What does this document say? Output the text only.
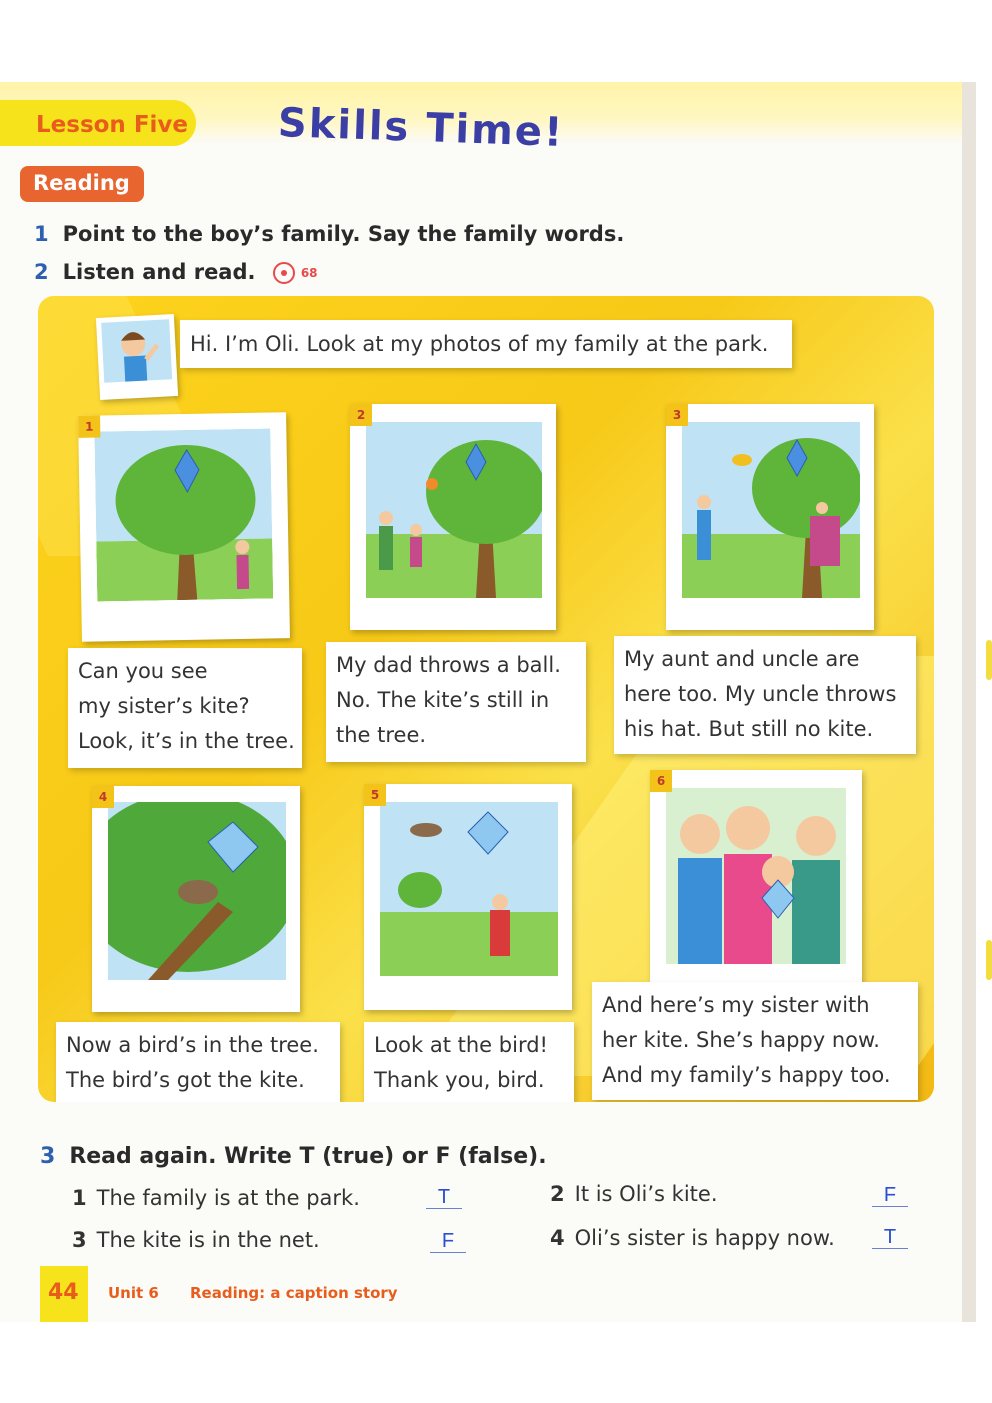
Lesson Five Skills Time!
Reading
1 Point to the boy’s family. Say the family words.
2 Listen and read.	68
Hi. I’m Oli. Look at my photos of my family at the park.
1
Can you see
my sister’s kite?
Look, it’s in the tree.
2
My dad throws a ball.
No. The kite’s still in
the tree.
3
My aunt and uncle are
here too. My uncle throws
his hat. But still no kite.
4
Now a bird’s in the tree.
The bird’s got the kite.
5
Look at the bird!
Thank you, bird.
6
And here’s my sister with
her kite. She’s happy now.
And my family’s happy too.
3 Read again. Write T (true) or F (false).
1 The family is at the park.	T	2 It is Oli’s kite.	F
3 The kite is in the net.	F	4 Oli’s sister is happy now.	T
44 Unit 6 Reading: a caption story
